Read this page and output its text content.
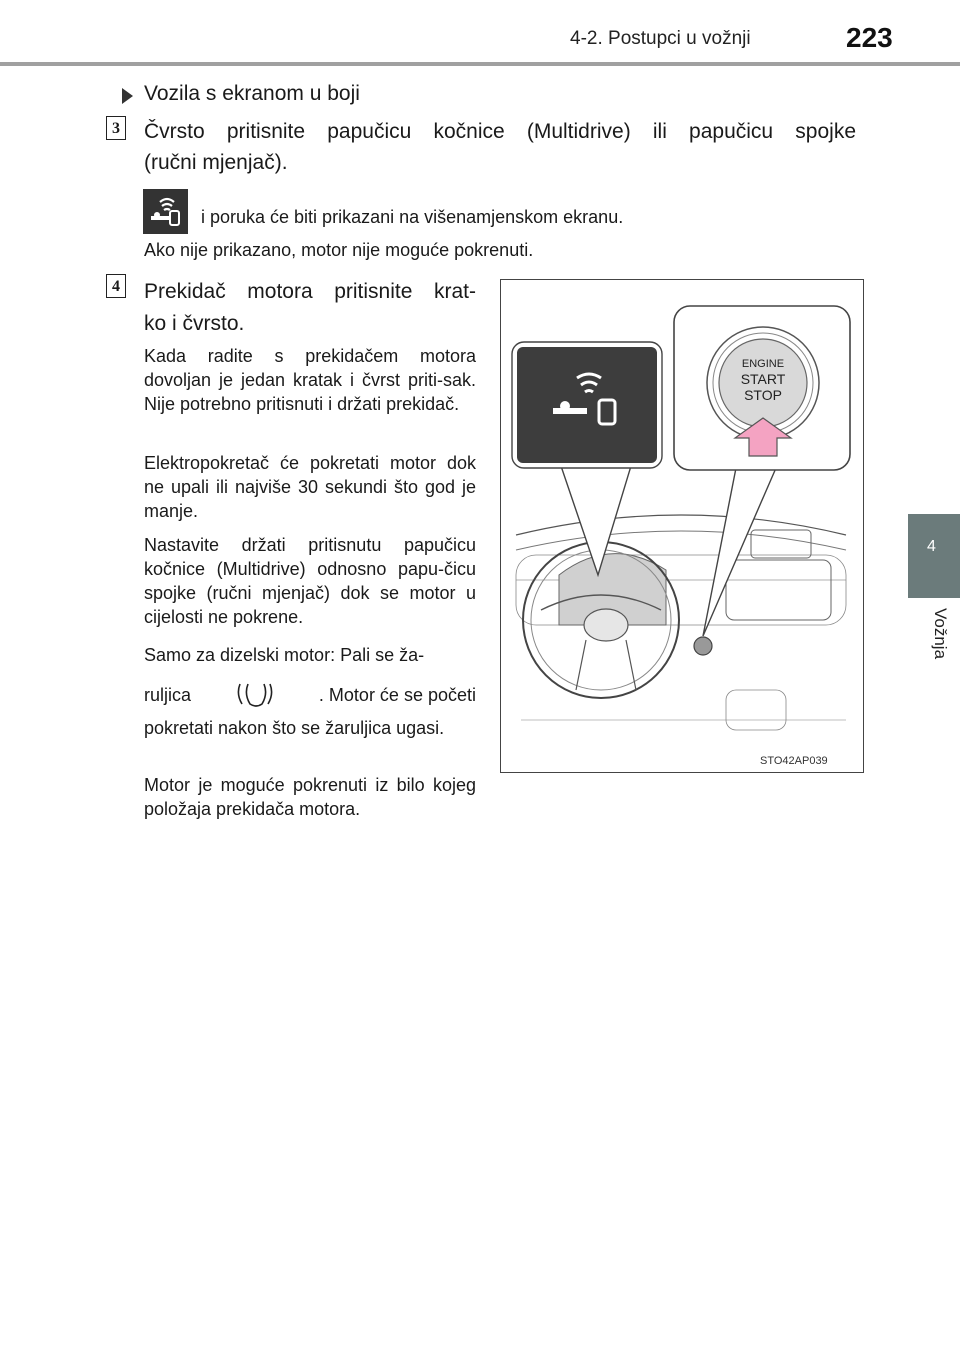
4-2. Postupci u vožnji	223
4
Vožnja
Vozila s ekranom u boji
3 Čvrsto pritisnite papučicu kočnice (Multidrive) ili papučicu spojke
(ručni mjenjač).
i poruka će biti prikazani na višenamjenskom ekranu.
Ako nije prikazano, motor nije moguće pokrenuti.
4 Prekidač motora pritisnite krat-
ko i čvrsto.
Kada radite s prekidačem motora dovoljan je jedan kratak i čvrst priti-sak. Nije potrebno pritisnuti i držati prekidač.
Elektropokretač će pokretati motor dok ne upali ili najviše 30 sekundi što god je manje.
Nastavite držati pritisnutu papučicu kočnice (Multidrive) odnosno papu-čicu spojke (ručni mjenjač) dok se motor u cijelosti ne pokrene.
Samo za dizelski motor: Pali se ža-
ruljica	. Motor će se početi
pokretati nakon što se žaruljica ugasi.
Motor je moguće pokrenuti iz bilo kojeg položaja prekidača motora.
ENGINE
START
STOP
STO42AP039
